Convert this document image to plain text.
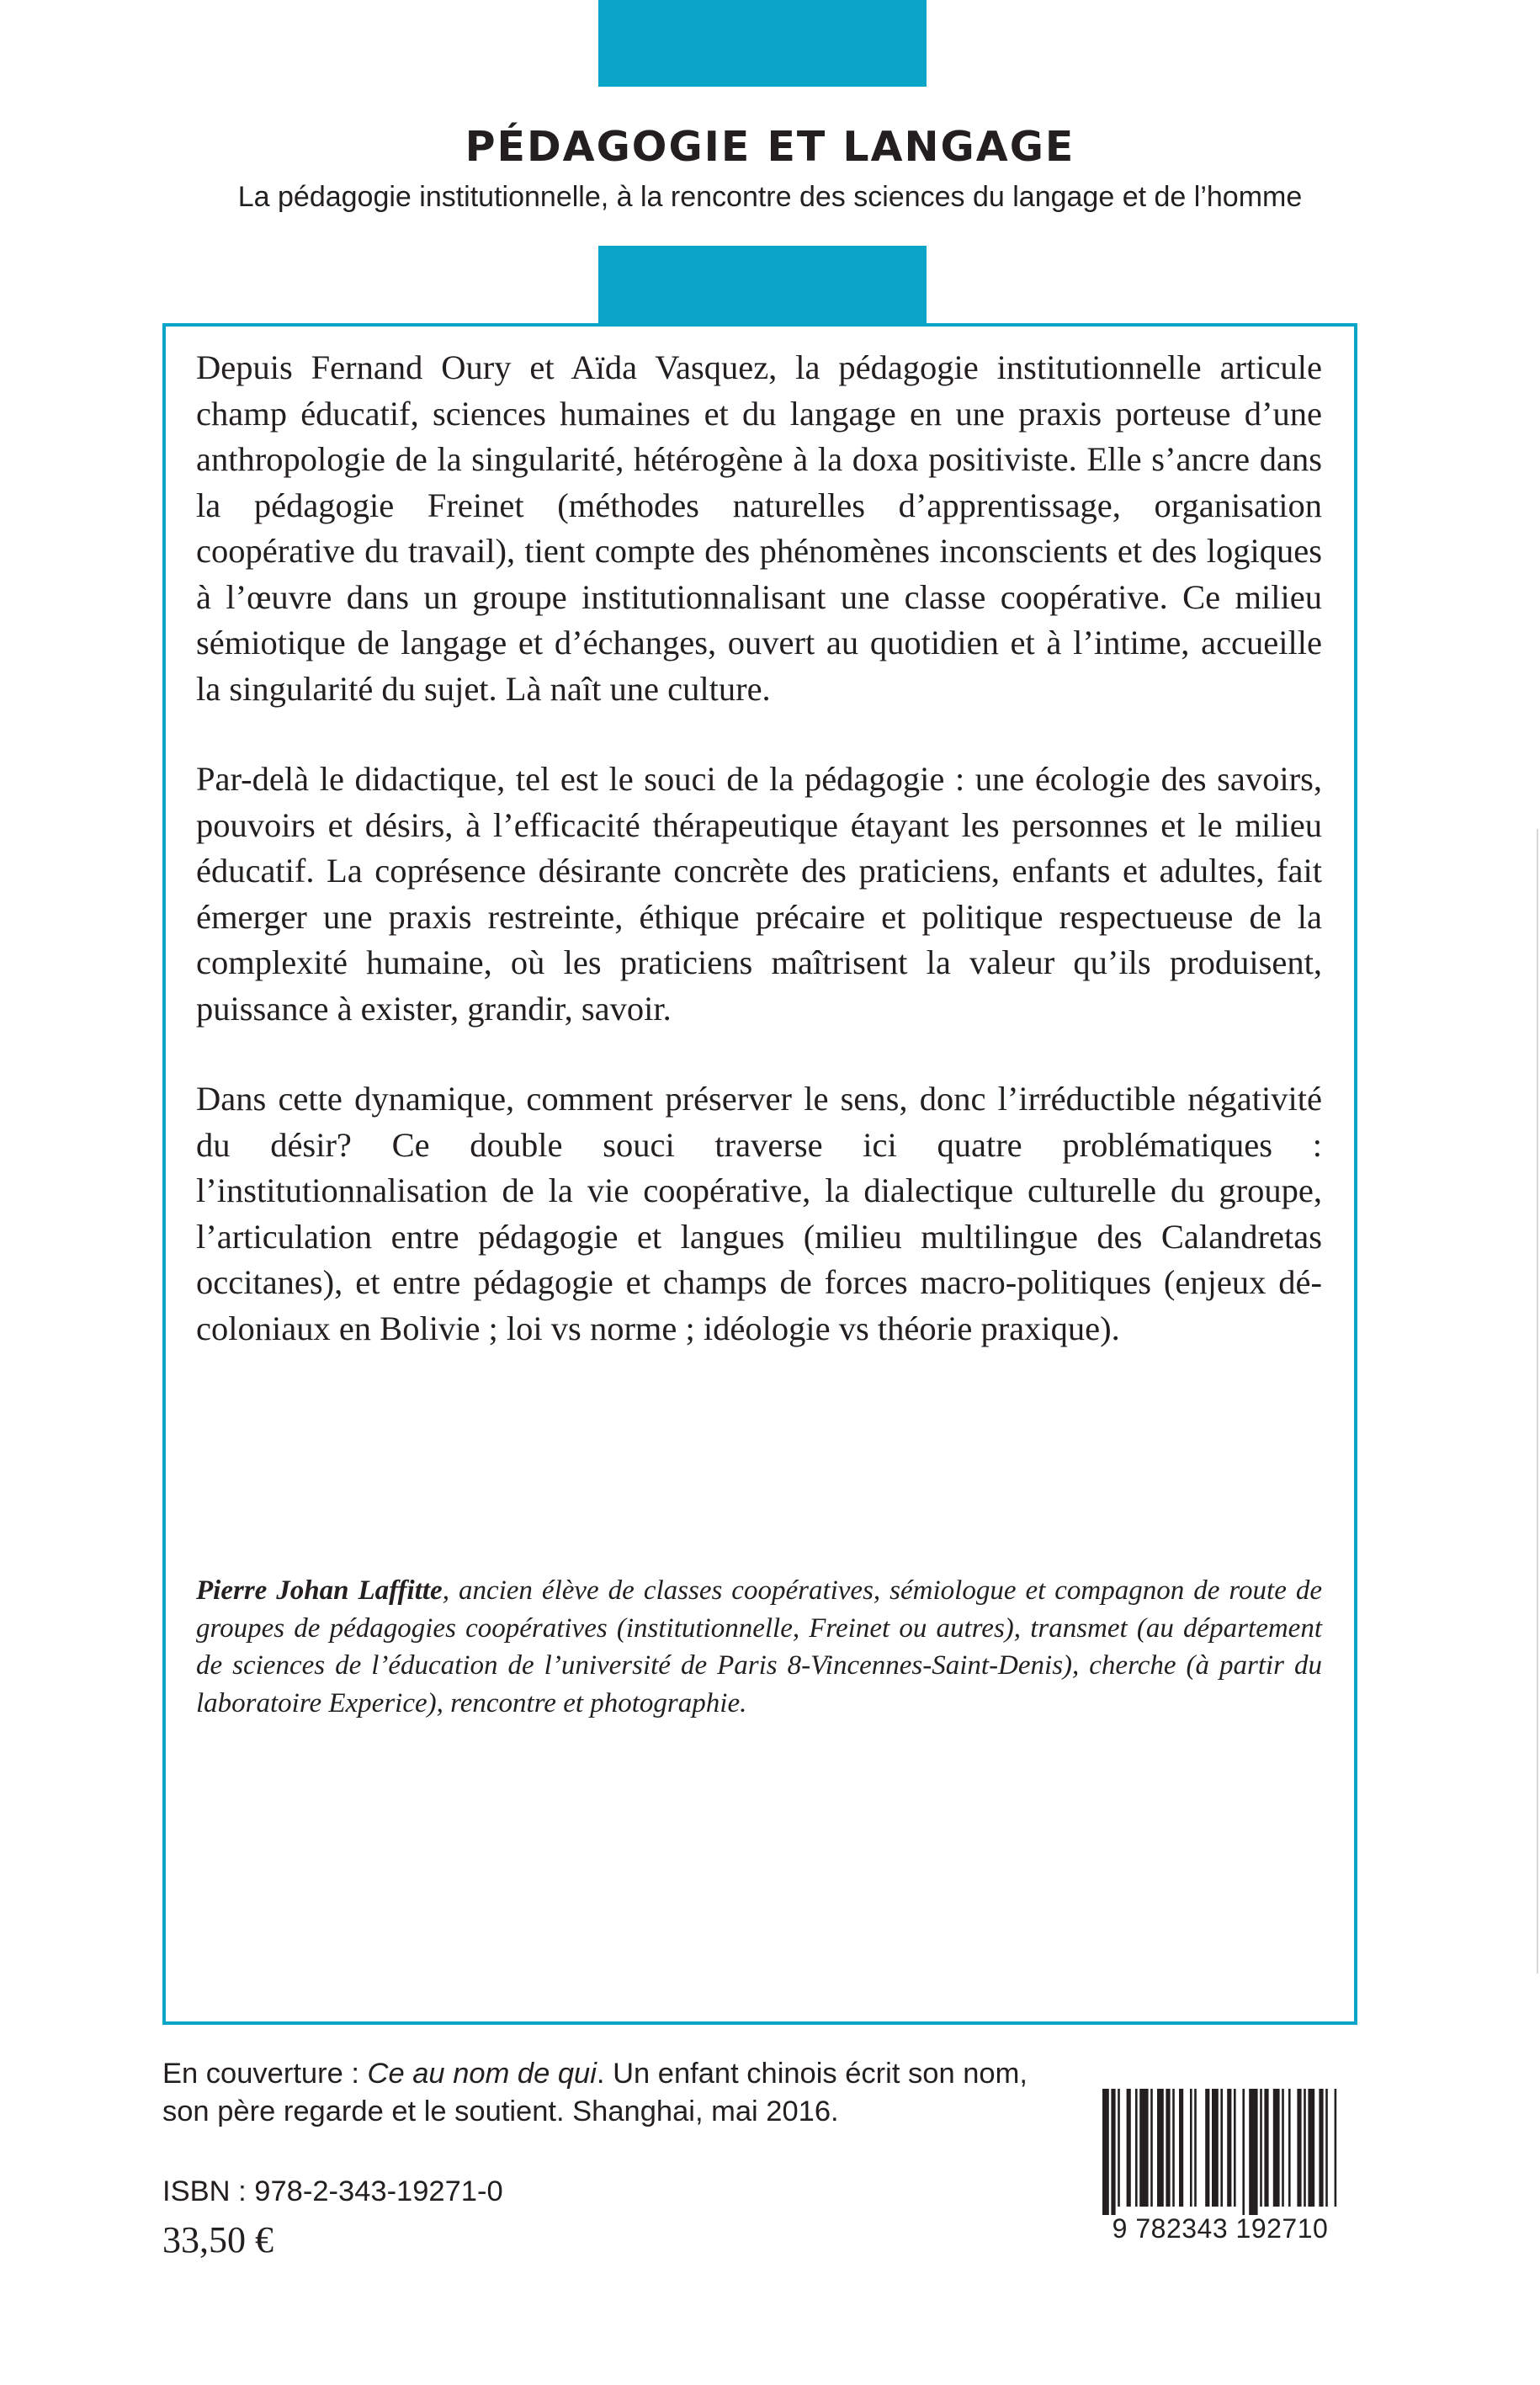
PÉDAGOGIE ET LANGAGE

La pédagogie institutionnelle, à la rencontre des sciences du langage et de l’homme

Depuis Fernand Oury et Aïda Vasquez, la pédagogie institutionnelle articule champ éducatif, sciences humaines et du langage en une praxis porteuse d’une anthropologie de la singularité, hétérogène à la doxa positiviste. Elle s’ancre dans la pédagogie Freinet (méthodes naturelles d’apprentissage, organisation coopérative du travail), tient compte des phénomènes inconscients et des logiques à l’œuvre dans un groupe institutionnalisant une classe coopérative. Ce milieu sémiotique de langage et d’échanges, ouvert au quotidien et à l’intime, accueille la singularité du sujet. Là naît une culture.

Par-delà le didactique, tel est le souci de la pédagogie : une écologie des savoirs, pouvoirs et désirs, à l’efficacité thérapeutique étayant les personnes et le milieu éducatif. La coprésence désirante concrète des praticiens, enfants et adultes, fait émerger une praxis restreinte, éthique précaire et politique respectueuse de la complexité humaine, où les praticiens maîtrisent la valeur qu’ils produisent, puissance à exister, grandir, savoir.

Dans cette dynamique, comment préserver le sens, donc l’irréductible négativité du désir? Ce double souci traverse ici quatre problématiques : l’institutionnalisation de la vie coopérative, la dialectique culturelle du groupe, l’articulation entre pédagogie et langues (milieu multilingue des Calandretas occitanes), et entre pédagogie et champs de forces macro-politiques (enjeux dé-coloniaux en Bolivie ; loi vs norme ; idéologie vs théorie praxique).

Pierre Johan Laffitte, ancien élève de classes coopératives, sémiologue et compagnon de route de groupes de pédagogies coopératives (institutionnelle, Freinet ou autres), transmet (au département de sciences de l’éducation de l’université de Paris 8-Vincennes-Saint-Denis), cherche (à partir du laboratoire Experice), rencontre et photographie.

En couverture : Ce au nom de qui. Un enfant chinois écrit son nom, son père regarde et le soutient. Shanghai, mai 2016.

ISBN : 978-2-343-19271-0

33,50 €	9 782343 192710
